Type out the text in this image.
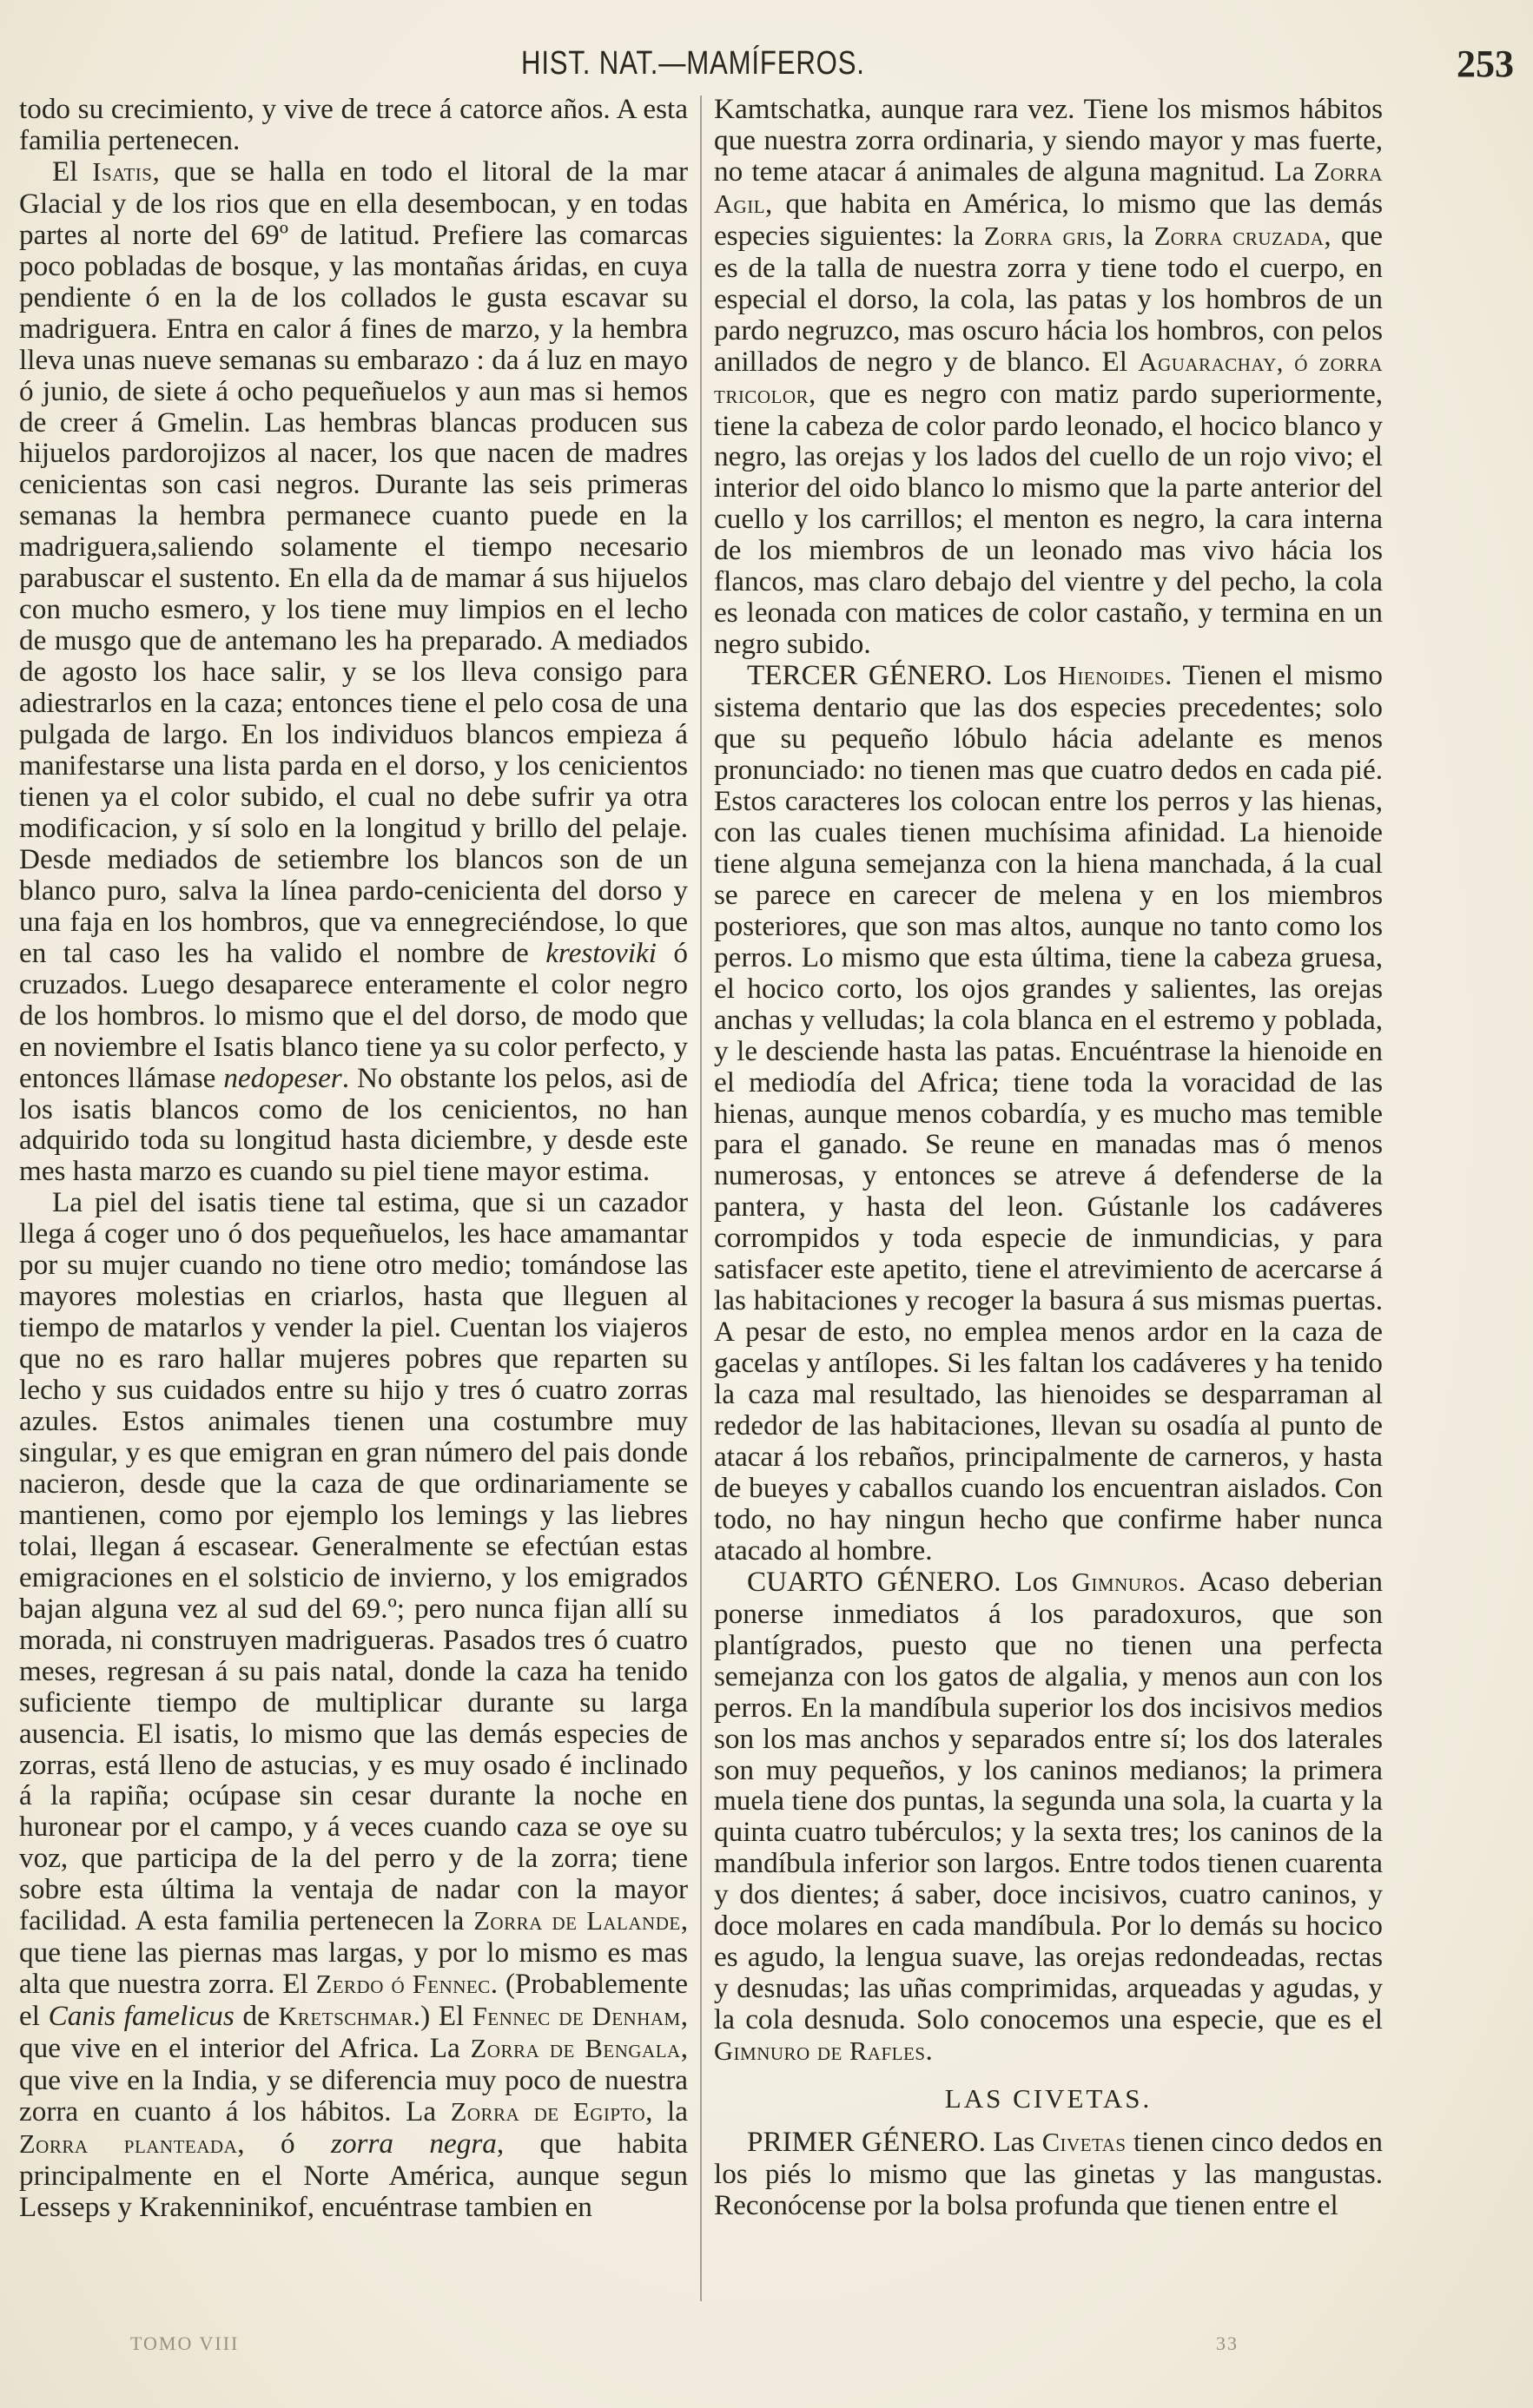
HIST. NAT.—MAMÍFEROS.	253

todo su crecimiento, y vive de trece á catorce años. A esta familia pertenecen.

El Isatis, que se halla en todo el litoral de la mar Glacial y de los rios que en ella desembocan, y en todas partes al norte del 69º de latitud. Prefiere las comarcas poco pobladas de bosque, y las montañas áridas, en cuya pendiente ó en la de los collados le gusta escavar su madriguera. Entra en calor á fines de marzo, y la hembra lleva unas nueve semanas su embarazo : da á luz en mayo ó junio, de siete á ocho pequeñuelos y aun mas si hemos de creer á Gmelin. Las hembras blancas producen sus hijuelos pardorojizos al nacer, los que nacen de madres cenicientas son casi negros. Durante las seis primeras semanas la hembra permanece cuanto puede en la madriguera,saliendo solamente el tiempo necesario parabuscar el sustento. En ella da de mamar á sus hijuelos con mucho esmero, y los tiene muy limpios en el lecho de musgo que de antemano les ha preparado. A mediados de agosto los hace salir, y se los lleva consigo para adiestrarlos en la caza; entonces tiene el pelo cosa de una pulgada de largo. En los individuos blancos empieza á manifestarse una lista parda en el dorso, y los cenicientos tienen ya el color subido, el cual no debe sufrir ya otra modificacion, y sí solo en la longitud y brillo del pelaje. Desde mediados de setiembre los blancos son de un blanco puro, salva la línea pardo-cenicienta del dorso y una faja en los hombros, que va ennegreciéndose, lo que en tal caso les ha valido el nombre de krestoviki ó cruzados. Luego desaparece enteramente el color negro de los hombros. lo mismo que el del dorso, de modo que en noviembre el Isatis blanco tiene ya su color perfecto, y entonces llámase nedopeser. No obstante los pelos, asi de los isatis blancos como de los cenicientos, no han adquirido toda su longitud hasta diciembre, y desde este mes hasta marzo es cuando su piel tiene mayor estima.

La piel del isatis tiene tal estima, que si un cazador llega á coger uno ó dos pequeñuelos, les hace amamantar por su mujer cuando no tiene otro medio; tomándose las mayores molestias en criarlos, hasta que lleguen al tiempo de matarlos y vender la piel. Cuentan los viajeros que no es raro hallar mujeres pobres que reparten su lecho y sus cuidados entre su hijo y tres ó cuatro zorras azules. Estos animales tienen una costumbre muy singular, y es que emigran en gran número del pais donde nacieron, desde que la caza de que ordinariamente se mantienen, como por ejemplo los lemings y las liebres tolai, llegan á escasear. Generalmente se efectúan estas emigraciones en el solsticio de invierno, y los emigrados bajan alguna vez al sud del 69.º; pero nunca fijan allí su morada, ni construyen madrigueras. Pasados tres ó cuatro meses, regresan á su pais natal, donde la caza ha tenido suficiente tiempo de multiplicar durante su larga ausencia. El isatis, lo mismo que las demás especies de zorras, está lleno de astucias, y es muy osado é inclinado á la rapiña; ocúpase sin cesar durante la noche en huronear por el campo, y á veces cuando caza se oye su voz, que participa de la del perro y de la zorra; tiene sobre esta última la ventaja de nadar con la mayor facilidad. A esta familia pertenecen la Zorra de Lalande, que tiene las piernas mas largas, y por lo mismo es mas alta que nuestra zorra. El Zerdo ó Fennec. (Probablemente el Canis famelicus de Kretschmar.) El Fennec de Denham, que vive en el interior del Africa. La Zorra de Bengala, que vive en la India, y se diferencia muy poco de nuestra zorra en cuanto á los hábitos. La Zorra de Egipto, la Zorra planteada, ó zorra negra, que habita principalmente en el Norte América, aunque segun Lesseps y Krakenninikof, encuéntrase tambien en

Kamtschatka, aunque rara vez. Tiene los mismos hábitos que nuestra zorra ordinaria, y siendo mayor y mas fuerte, no teme atacar á animales de alguna magnitud. La Zorra Agil, que habita en América, lo mismo que las demás especies siguientes: la Zorra gris, la Zorra cruzada, que es de la talla de nuestra zorra y tiene todo el cuerpo, en especial el dorso, la cola, las patas y los hombros de un pardo negruzco, mas oscuro hácia los hombros, con pelos anillados de negro y de blanco. El Aguarachay, ó zorra tricolor, que es negro con matiz pardo superiormente, tiene la cabeza de color pardo leonado, el hocico blanco y negro, las orejas y los lados del cuello de un rojo vivo; el interior del oido blanco lo mismo que la parte anterior del cuello y los carrillos; el menton es negro, la cara interna de los miembros de un leonado mas vivo hácia los flancos, mas claro debajo del vientre y del pecho, la cola es leonada con matices de color castaño, y termina en un negro subido.

TERCER GÉNERO. Los Hienoides. Tienen el mismo sistema dentario que las dos especies precedentes; solo que su pequeño lóbulo hácia adelante es menos pronunciado: no tienen mas que cuatro dedos en cada pié. Estos caracteres los colocan entre los perros y las hienas, con las cuales tienen muchísima afinidad. La hienoide tiene alguna semejanza con la hiena manchada, á la cual se parece en carecer de melena y en los miembros posteriores, que son mas altos, aunque no tanto como los perros. Lo mismo que esta última, tiene la cabeza gruesa, el hocico corto, los ojos grandes y salientes, las orejas anchas y velludas; la cola blanca en el estremo y poblada, y le desciende hasta las patas. Encuéntrase la hienoide en el mediodía del Africa; tiene toda la voracidad de las hienas, aunque menos cobardía, y es mucho mas temible para el ganado. Se reune en manadas mas ó menos numerosas, y entonces se atreve á defenderse de la pantera, y hasta del leon. Gústanle los cadáveres corrompidos y toda especie de inmundicias, y para satisfacer este apetito, tiene el atrevimiento de acercarse á las habitaciones y recoger la basura á sus mismas puertas. A pesar de esto, no emplea menos ardor en la caza de gacelas y antílopes. Si les faltan los cadáveres y ha tenido la caza mal resultado, las hienoides se desparraman al rededor de las habitaciones, llevan su osadía al punto de atacar á los rebaños, principalmente de carneros, y hasta de bueyes y caballos cuando los encuentran aislados. Con todo, no hay ningun hecho que confirme haber nunca atacado al hombre.

CUARTO GÉNERO. Los Gimnuros. Acaso deberian ponerse inmediatos á los paradoxuros, que son plantígrados, puesto que no tienen una perfecta semejanza con los gatos de algalia, y menos aun con los perros. En la mandíbula superior los dos incisivos medios son los mas anchos y separados entre sí; los dos laterales son muy pequeños, y los caninos medianos; la primera muela tiene dos puntas, la segunda una sola, la cuarta y la quinta cuatro tubérculos; y la sexta tres; los caninos de la mandíbula inferior son largos. Entre todos tienen cuarenta y dos dientes; á saber, doce incisivos, cuatro caninos, y doce molares en cada mandíbula. Por lo demás su hocico es agudo, la lengua suave, las orejas redondeadas, rectas y desnudas; las uñas comprimidas, arqueadas y agudas, y la cola desnuda. Solo conocemos una especie, que es el Gimnuro de Rafles.

LAS CIVETAS.

PRIMER GÉNERO. Las Civetas tienen cinco dedos en los piés lo mismo que las ginetas y las mangustas. Reconócense por la bolsa profunda que tienen entre el

TOMO VIII	33
